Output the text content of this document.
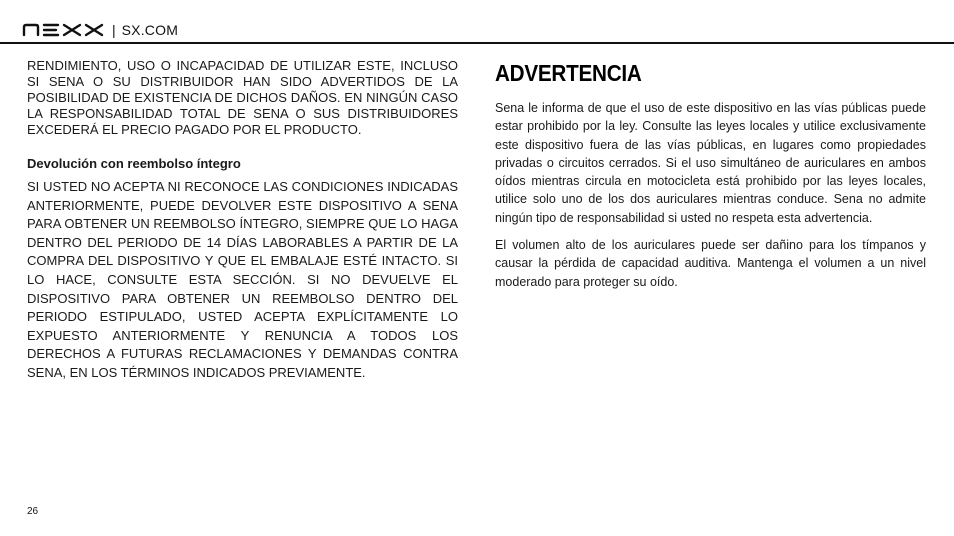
| SX.COM

RENDIMIENTO, USO O INCAPACIDAD DE UTILIZAR ESTE, INCLUSO SI SENA O SU DISTRIBUIDOR HAN SIDO ADVERTIDOS DE LA POSIBILIDAD DE EXISTENCIA DE DICHOS DAÑOS. EN NINGÚN CASO LA RESPONSABILIDAD TOTAL DE SENA O SUS DISTRIBUIDORES EXCEDERÁ EL PRECIO PAGADO POR EL PRODUCTO.

Devolución con reembolso íntegro

SI USTED NO ACEPTA NI RECONOCE LAS CONDICIONES INDICADAS ANTERIORMENTE, PUEDE DEVOLVER ESTE DISPOSITIVO A SENA PARA OBTENER UN REEMBOLSO ÍNTEGRO, SIEMPRE QUE LO HAGA DENTRO DEL PERIODO DE 14 DÍAS LABORABLES A PARTIR DE LA COMPRA DEL DISPOSITIVO Y QUE EL EMBALAJE ESTÉ INTACTO. SI LO HACE, CONSULTE ESTA SECCIÓN. SI NO DEVUELVE EL DISPOSITIVO PARA OBTENER UN REEMBOLSO DENTRO DEL PERIODO ESTIPULADO, USTED ACEPTA EXPLÍCITAMENTE LO EXPUESTO ANTERIORMENTE Y RENUNCIA A TODOS LOS DERECHOS A FUTURAS RECLAMACIONES Y DEMANDAS CONTRA SENA, EN LOS TÉRMINOS INDICADOS PREVIAMENTE.

ADVERTENCIA

Sena le informa de que el uso de este dispositivo en las vías públicas puede estar prohibido por la ley. Consulte las leyes locales y utilice exclusivamente este dispositivo fuera de las vías públicas, en lugares como propiedades privadas o circuitos cerrados. Si el uso simultáneo de auriculares en ambos oídos mientras circula en motocicleta está prohibido por las leyes locales, utilice solo uno de los dos auriculares mientras conduce. Sena no admite ningún tipo de responsabilidad si usted no respeta esta advertencia.

El volumen alto de los auriculares puede ser dañino para los tímpanos y causar la pérdida de capacidad auditiva. Mantenga el volumen a un nivel moderado para proteger su oído.

26
